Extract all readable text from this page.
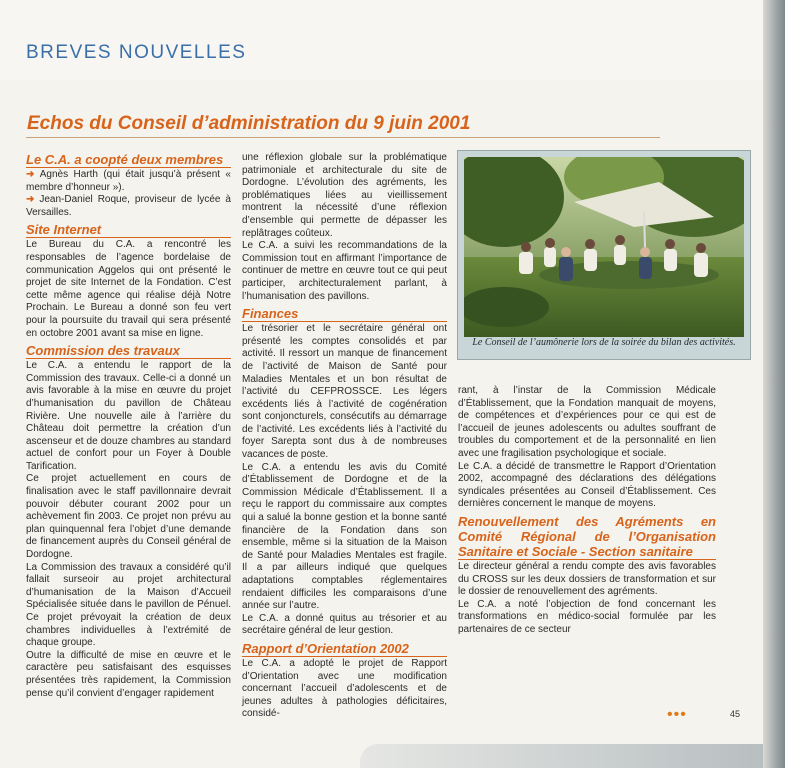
BREVES NOUVELLES
Echos du Conseil d’administration du 9 juin 2001
Le C.A. a coopté deux membres

➜ Agnès Harth (qui était jusqu’à présent « membre d’honneur »).

➜ Jean-Daniel Roque, proviseur de lycée à Versailles.

Site Internet

Le Bureau du C.A. a rencontré les responsables de l’agence bordelaise de communication Aggelos qui ont présenté le projet de site Internet de la Fondation. C’est cette même agence qui réalise déjà Notre Prochain. Le Bureau a donné son feu vert pour la poursuite du travail qui sera présenté en octobre 2001 avant sa mise en ligne.

Commission des travaux

Le C.A. a entendu le rapport de la Commission des travaux. Celle-ci a donné un avis favorable à la mise en œuvre du projet d’humanisation du pavillon de Château Rivière. Une nouvelle aile à l’arrière du Château doit permettre la création d’un ascenseur et de douze chambres au standard actuel de confort pour un Foyer à Double Tarification.

Ce projet actuellement en cours de finalisation avec le staff pavillonnaire devrait pouvoir débuter courant 2002 pour un achèvement fin 2003. Ce projet non prévu au plan quinquennal fera l’objet d’une demande de financement auprès du Conseil général de Dordogne.

La Commission des travaux a considéré qu’il fallait surseoir au projet architectural d’humanisation de la Maison d’Accueil Spécialisée située dans le pavillon de Pénuel. Ce projet prévoyait la création de deux chambres individuelles à l’extrémité de chaque groupe.

Outre la difficulté de mise en œuvre et le caractère peu satisfaisant des esquisses présentées très rapidement, la Commission pense qu’il convient d’engager rapidement

une réflexion globale sur la problématique patrimoniale et architecturale du site de Dordogne. L’évolution des agréments, les problématiques liées au vieillissement montrent la nécessité d’une réflexion d’ensemble qui permette de dépasser les replâtrages coûteux.

Le C.A. a suivi les recommandations de la Commission tout en affirmant l’importance de continuer de mettre en œuvre tout ce qui peut participer, architecturalement parlant, à l’humanisation des pavillons.

Finances

Le trésorier et le secrétaire général ont présenté les comptes consolidés et par activité. Il ressort un manque de financement de l’activité de Maison de Santé pour Maladies Mentales et un bon résultat de l’activité du CEFPROSSCE. Les légers excédents liés à l’activité de cogénération sont conjoncturels, consécutifs au démarrage de l’activité. Les excédents liés à l’activité du foyer Sarepta sont dus à de nombreuses vacances de poste.

Le C.A. a entendu les avis du Comité d’Établissement de Dordogne et de la Commission Médicale d’Établissement. Il a reçu le rapport du commissaire aux comptes qui a salué la bonne gestion et la bonne santé financière de la Fondation dans son ensemble, même si la situation de la Maison de Santé pour Maladies Mentales est fragile. Il a par ailleurs indiqué que quelques adaptations comptables réglementaires rendaient difficiles les comparaisons d’une année sur l’autre.

Le C.A. a donné quitus au trésorier et au secrétaire général de leur gestion.

Rapport d’Orientation 2002

Le C.A. a adopté le projet de Rapport d’Orientation avec une modification concernant l’accueil d’adolescents et de jeunes adultes à pathologies déficitaires, considé-

Le Conseil de l’aumônerie lors de la soirée du bilan des activités.

rant, à l’instar de la Commission Médicale d’Établissement, que la Fondation manquait de moyens, de compétences et d’expériences pour ce qui est de l’accueil de jeunes adolescents ou adultes souffrant de troubles du comportement et de la personnalité en lien avec une fragilisation psychologique et sociale.

Le C.A. a décidé de transmettre le Rapport d’Orientation 2002, accompagné des déclarations des délégations syndicales présentées au Conseil d’Établissement. Ces dernières concernent le manque de moyens.

Renouvellement des Agréments en Comité Régional de l’Organisation Sanitaire et Sociale - Section sanitaire

Le directeur général a rendu compte des avis favorables du CROSS sur les deux dossiers de transformation et sur le dossier de renouvellement des agréments.

Le C.A. a noté l’objection de fond concernant les transformations en médico-social formulée par les partenaires de ce secteur

•••	45
